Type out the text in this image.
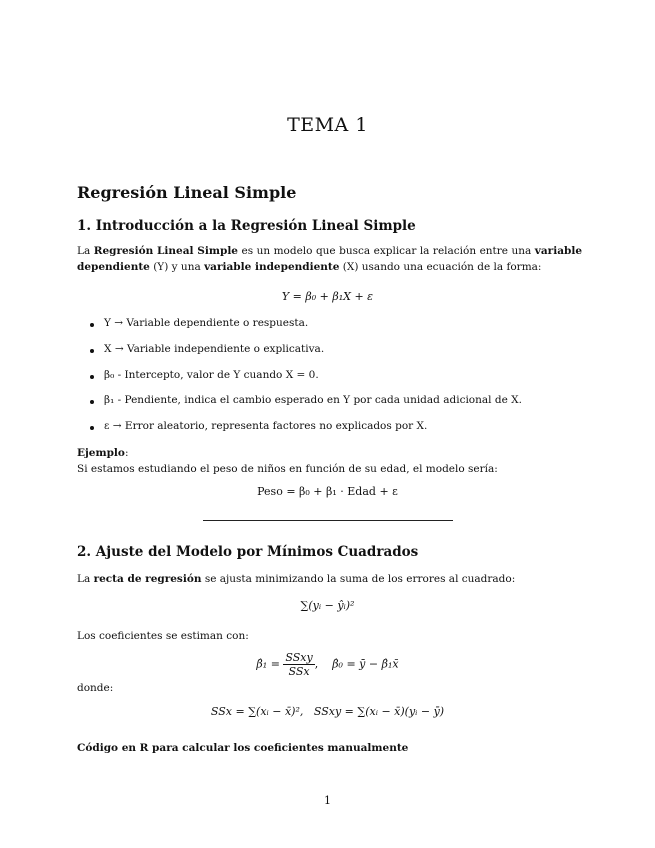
TEMA 1
Regresión Lineal Simple
1. Introducción a la Regresión Lineal Simple
La Regresión Lineal Simple es un modelo que busca explicar la relación entre una variable dependiente (Y) y una variable independiente (X) usando una ecuación de la forma:
Y = β₀ + β₁X + ε
Y → Variable dependiente o respuesta.
X → Variable independiente o explicativa.
β₀ - Intercepto, valor de Y cuando X = 0.
β₁ - Pendiente, indica el cambio esperado en Y por cada unidad adicional de X.
ε → Error aleatorio, representa factores no explicados por X.
Ejemplo:
Si estamos estudiando el peso de niños en función de su edad, el modelo sería:
Peso = β₀ + β₁ · Edad + ε
2. Ajuste del Modelo por Mínimos Cuadrados
La recta de regresión se ajusta minimizando la suma de los errores al cuadrado:
∑(yᵢ − ŷᵢ)²
Los coeficientes se estiman con:
β̂₁ = $\frac{\text{SSxy}}{\text{SSx}}$ ,    β̂₀ = ȳ − β̂₁x̄
donde:
SSx = ∑(xᵢ − x̄)², SSxy = ∑(xᵢ − x̄)(yᵢ − ȳ)
Código en R para calcular los coeficientes manualmente
1
